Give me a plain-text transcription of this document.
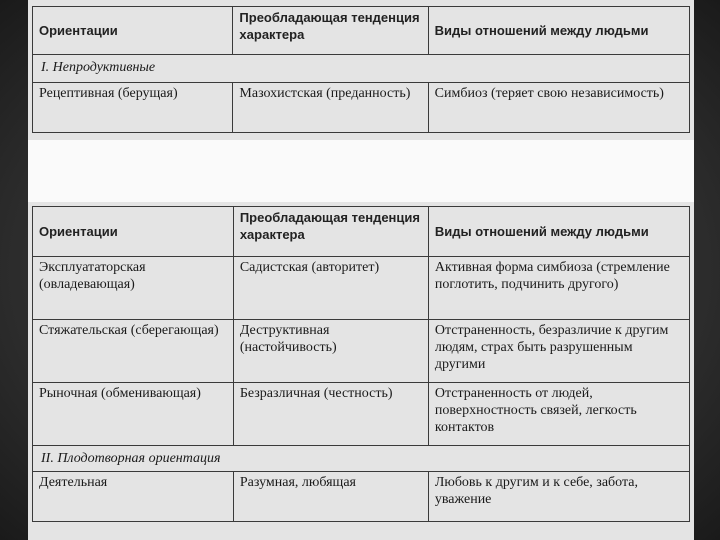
Ориентации	Преобладающая тенденция характера	Виды отношений между людьми
I. Непродуктивные		
Рецептивная (берущая)	Мазохистская (преданность)	Симбиоз (теряет свою независимость)
Ориентации	Преобладающая тенденция характера	Виды отношений между людьми
Эксплуататорская (овладевающая)	Садистская (авторитет)	Активная форма симбиоза (стремление поглотить, подчинить другого)
Стяжательская (сберегающая)	Деструктивная (настойчивость)	Отстраненность, безразличие к другим людям, страх быть разрушенным другими
Рыночная (обменивающая)	Безразличная (честность)	Отстраненность от людей, поверхностность связей, легкость контактов
II. Плодотворная ориентация		
Деятельная	Разумная, любящая	Любовь к другим и к себе, забота, уважение
